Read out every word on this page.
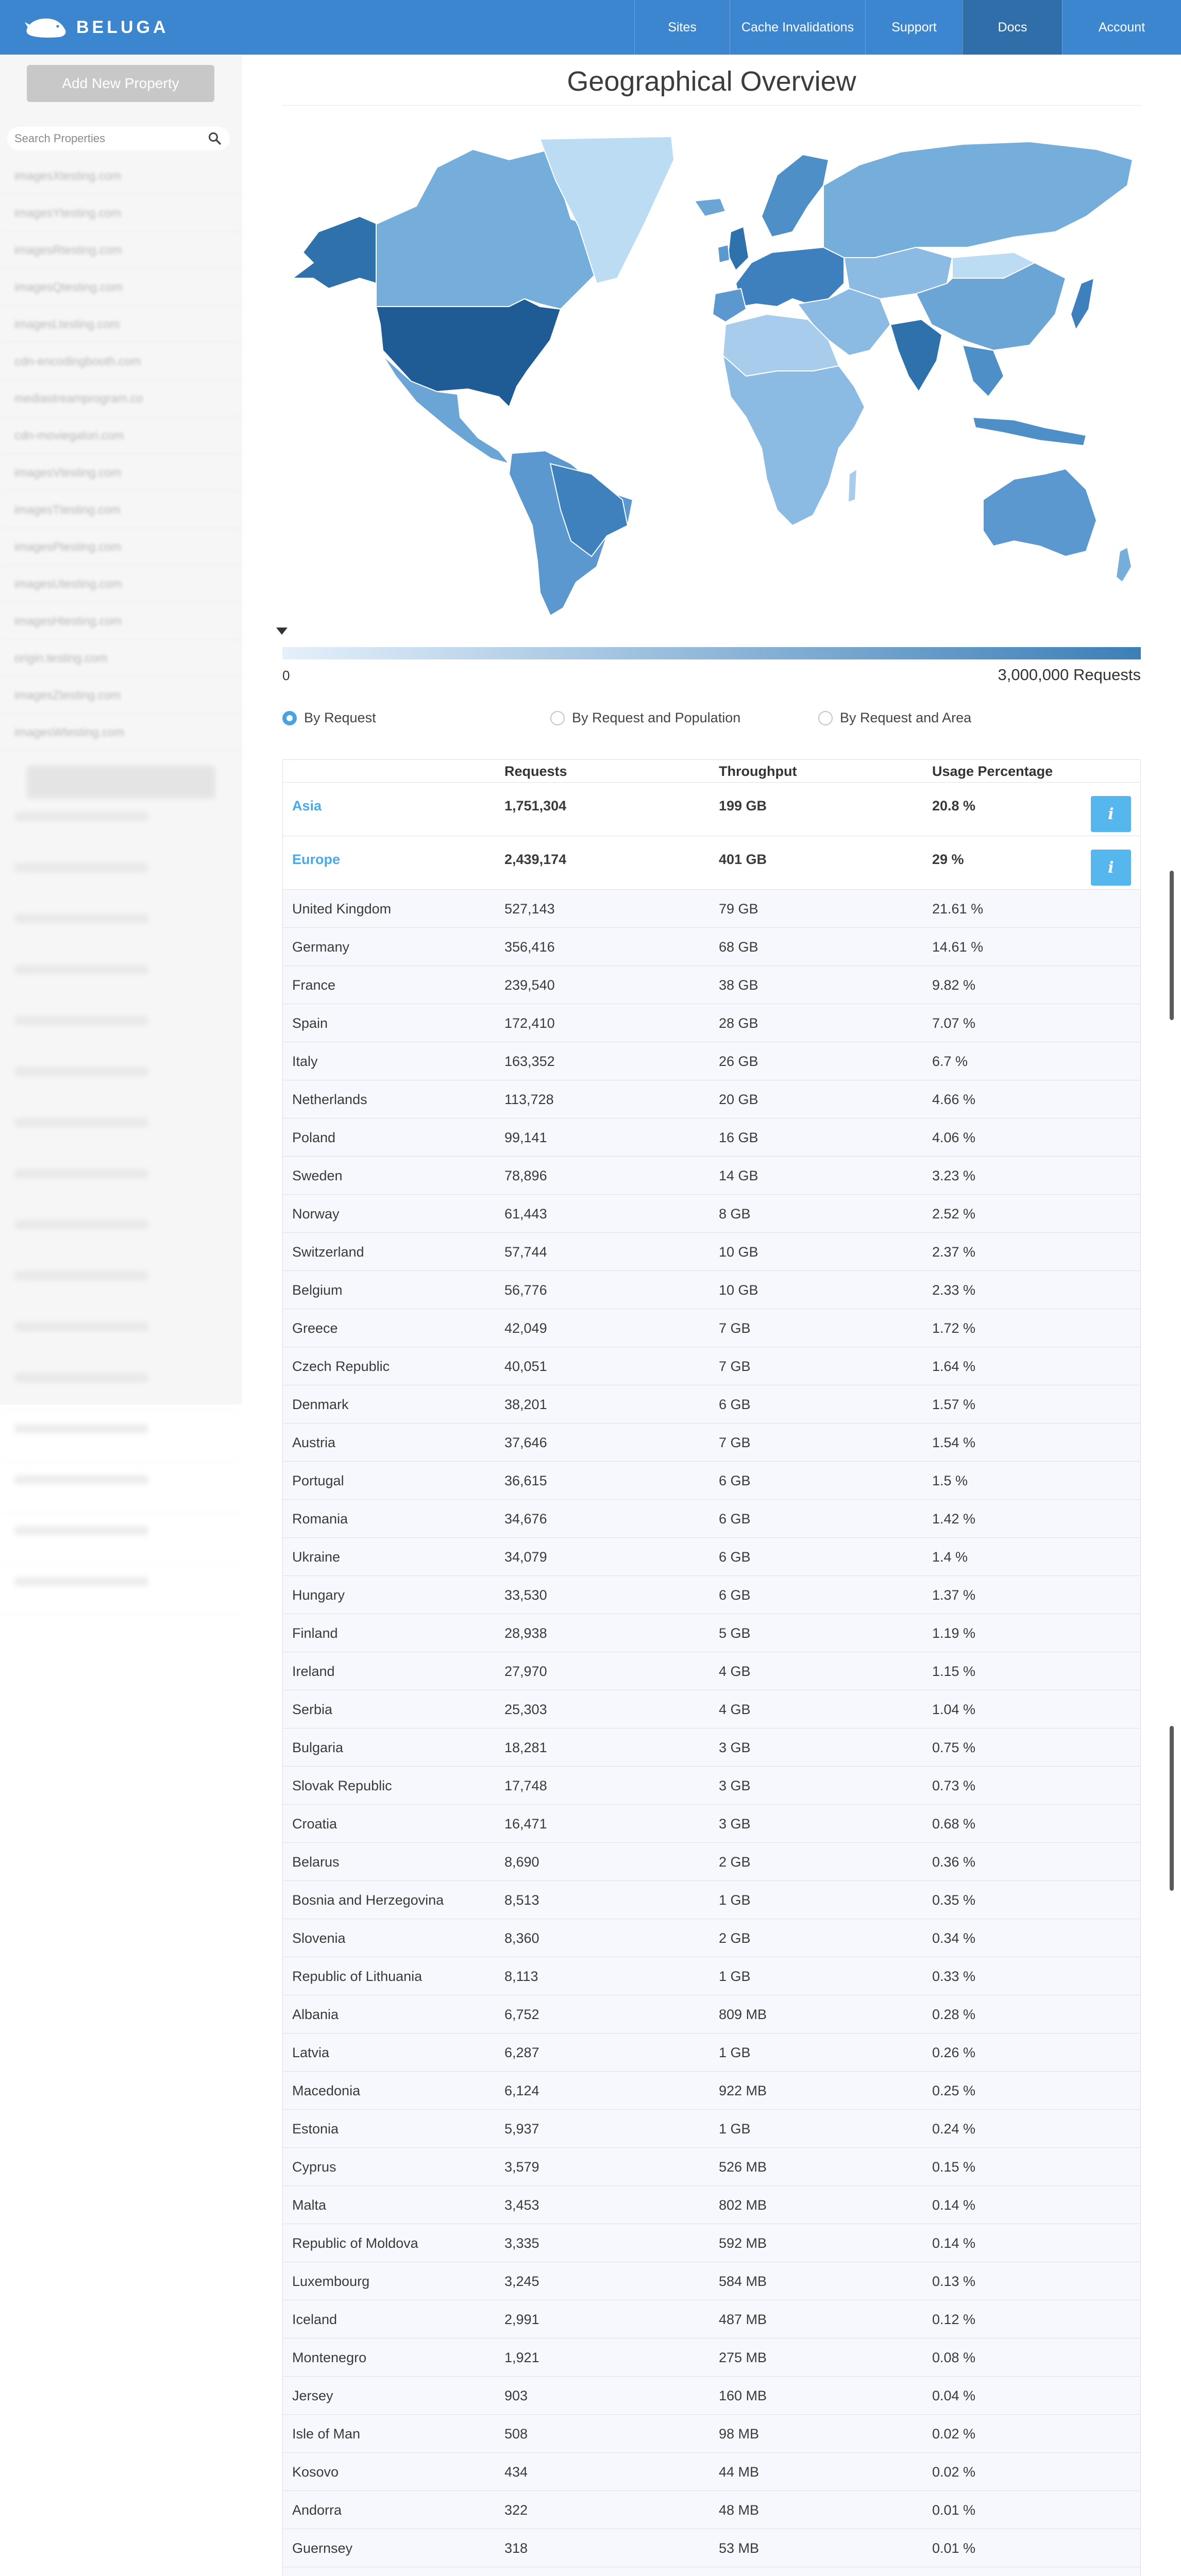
BELUGA	Sites	Cache Invalidations	Support	Docs	Account
Add New Property
Search Properties
imagesXtesting.com
imagesYtesting.com
imagesRtesting.com
imagesQtesting.com
imagesLtesting.com
cdn-encodingbooth.com
mediastreamprogram.co
cdn-moviegalori.com
imagesVtesting.com
imagesTtesting.com
imagesPtesting.com
imagesUtesting.com
imagesHtesting.com
origin.testing.com
imagesZtesting.com
imagesWtesting.com
Geographical Overview
0	3,000,000 Requests
By Request	By Request and Population	By Request and Area
Requests	Throughput	Usage Percentage
Asia	1,751,304	199 GB	20.8 %	i
Europe	2,439,174	401 GB	29 %	i
United Kingdom	527,143	79 GB	21.61 %
Germany	356,416	68 GB	14.61 %
France	239,540	38 GB	9.82 %
Spain	172,410	28 GB	7.07 %
Italy	163,352	26 GB	6.7 %
Netherlands	113,728	20 GB	4.66 %
Poland	99,141	16 GB	4.06 %
Sweden	78,896	14 GB	3.23 %
Norway	61,443	8 GB	2.52 %
Switzerland	57,744	10 GB	2.37 %
Belgium	56,776	10 GB	2.33 %
Greece	42,049	7 GB	1.72 %
Czech Republic	40,051	7 GB	1.64 %
Denmark	38,201	6 GB	1.57 %
Austria	37,646	7 GB	1.54 %
Portugal	36,615	6 GB	1.5 %
Romania	34,676	6 GB	1.42 %
Ukraine	34,079	6 GB	1.4 %
Hungary	33,530	6 GB	1.37 %
Finland	28,938	5 GB	1.19 %
Ireland	27,970	4 GB	1.15 %
Serbia	25,303	4 GB	1.04 %
Bulgaria	18,281	3 GB	0.75 %
Slovak Republic	17,748	3 GB	0.73 %
Croatia	16,471	3 GB	0.68 %
Belarus	8,690	2 GB	0.36 %
Bosnia and Herzegovina	8,513	1 GB	0.35 %
Slovenia	8,360	2 GB	0.34 %
Republic of Lithuania	8,113	1 GB	0.33 %
Albania	6,752	809 MB	0.28 %
Latvia	6,287	1 GB	0.26 %
Macedonia	6,124	922 MB	0.25 %
Estonia	5,937	1 GB	0.24 %
Cyprus	3,579	526 MB	0.15 %
Malta	3,453	802 MB	0.14 %
Republic of Moldova	3,335	592 MB	0.14 %
Luxembourg	3,245	584 MB	0.13 %
Iceland	2,991	487 MB	0.12 %
Montenegro	1,921	275 MB	0.08 %
Jersey	903	160 MB	0.04 %
Isle of Man	508	98 MB	0.02 %
Kosovo	434	44 MB	0.02 %
Andorra	322	48 MB	0.01 %
Guernsey	318	53 MB	0.01 %
